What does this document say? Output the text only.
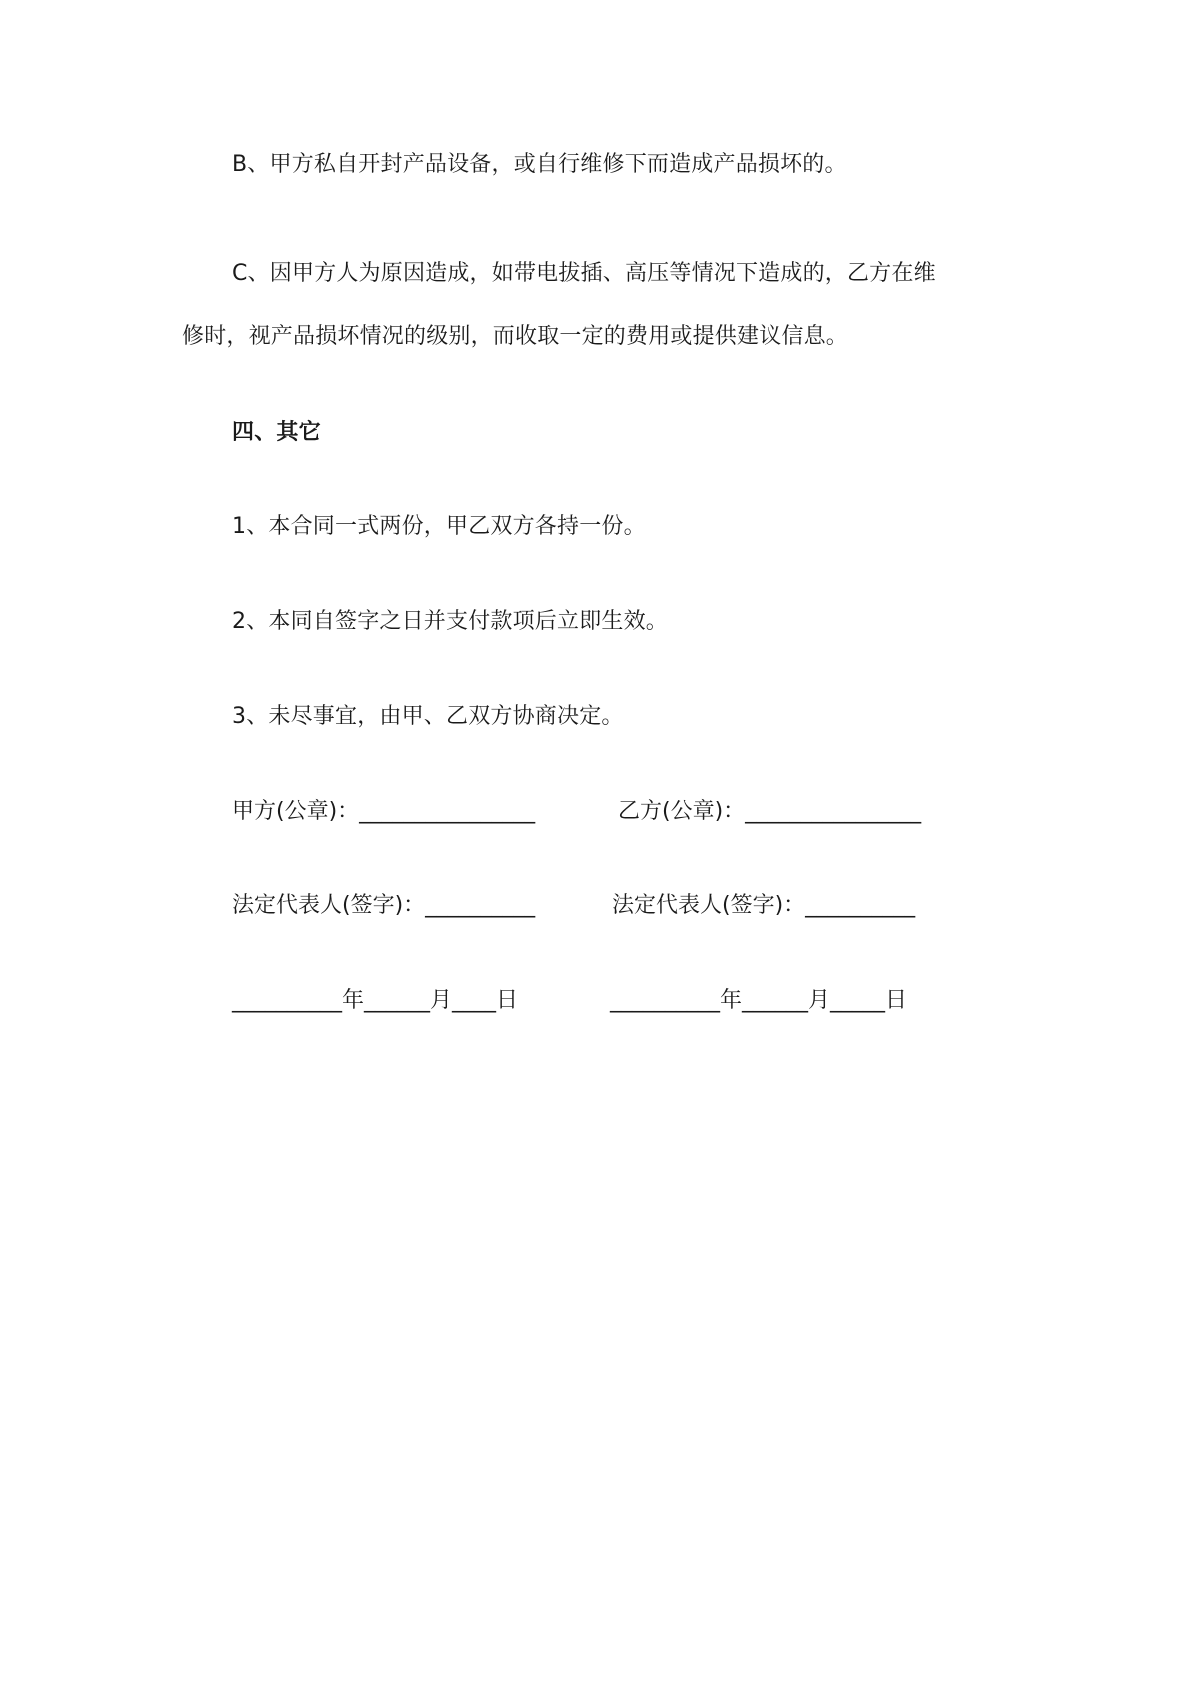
B、甲方私自开封产品设备，或自行维修下而造成产品损坏的。
C、因甲方人为原因造成，如带电拔插、高压等情况下造成的，乙方在维
修时，视产品损坏情况的级别，而收取一定的费用或提供建议信息。
四、其它
1、本合同一式两份，甲乙双方各持一份。
2、本同自签字之日并支付款项后立即生效。
3、未尽事宜，由甲、乙双方协商决定。
甲方(公章)：________________	乙方(公章)：________________
法定代表人(签字)：__________	法定代表人(签字)：__________
__________年______月____日	__________年______月_____日
